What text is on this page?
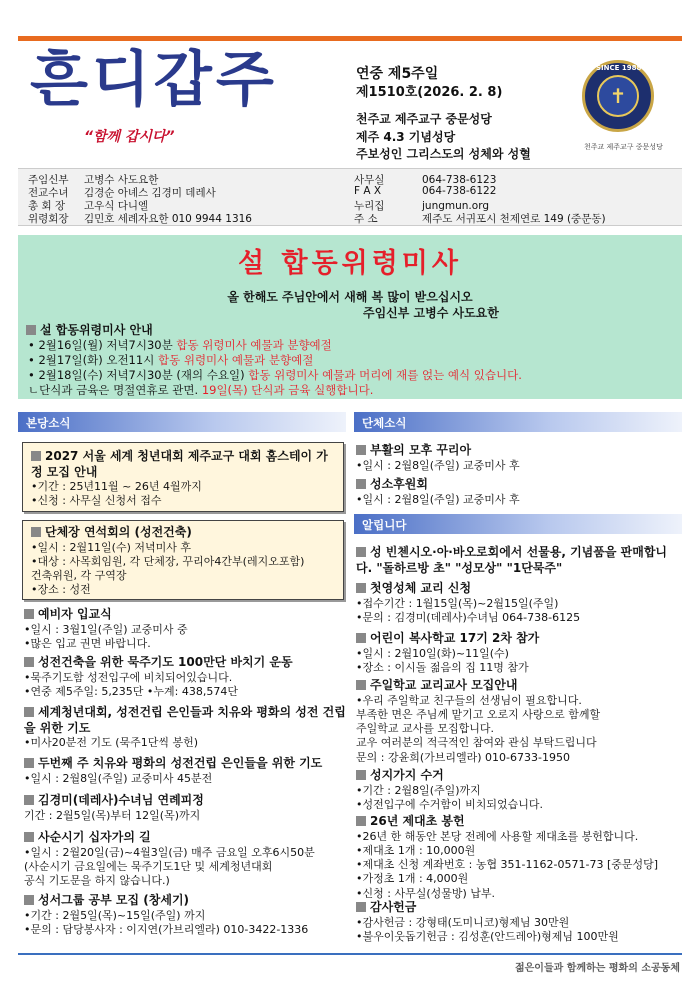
흔디갑주
“함께 갑시다”
연중 제5주일
제1510호(2026. 2. 8)
천주교 제주교구 중문성당
제주 4.3 기념성당
주보성인 그리스도의 성체와 성혈
✝
SINCE 1988
천주교 제주교구 중문성당
주임신부 고병수 사도요한
전교수녀 김경순 아녜스 김경미 데레사
총 회 장 고우식 다니엘
위령회장 김민호 세례자요한 010 9944 1316
사무실	064-738-6123
F A X	064-738-6122
누리집	jungmun.org
주 소	제주도 서귀포시 천제연로 149 (중문동)
설 합동위령미사
올 한해도 주님안에서 새해 복 많이 받으십시오
주임신부 고병수 사도요한
설 합동위령미사 안내
• 2월16일(월) 저녁7시30분 합동 위령미사 예물과 분향예절
• 2월17일(화) 오전11시 합동 위령미사 예물과 분향예절
• 2월18일(수) 저녁7시30분 (재의 수요일) 합동 위령미사 예물과 머리에 재를 얹는 예식 있습니다.
ㄴ단식과 금육은 명절연휴로 관면. 19일(목) 단식과 금육 실행합니다.
본당소식
2027 서울 세계 청년대회 제주교구 대회 홈스테이 가정 모집 안내
•기간 : 25년11월 ~ 26년 4월까지
•신청 : 사무실 신청서 접수
단체장 연석회의 (성전건축)
•일시 : 2월11일(수) 저녁미사 후
•대상 : 사목회임원, 각 단체장, 꾸리아4간부(레지오포함)
건축위원, 각 구역장
•장소 : 성전
예비자 입교식
•일시 : 3월1일(주일) 교중미사 중
•많은 입교 권면 바랍니다.
성전건축을 위한 묵주기도 100만단 바치기 운동
•묵주기도함 성전입구에 비치되어있습니다.
•연중 제5주일: 5,235단 •누계: 438,574단
세계청년대회, 성전건립 은인들과 치유와 평화의 성전 건립을 위한 기도
•미사20분전 기도 (묵주1단씩 봉헌)
두번째 주 치유와 평화의 성전건립 은인들을 위한 기도
•일시 : 2월8일(주일) 교중미사 45분전
김경미(데레사)수녀님 연례피정
기간 : 2월5일(목)부터 12일(목)까지
사순시기 십자가의 길
•일시 : 2월20일(금)~4월3일(금) 매주 금요일 오후6시50분
(사순시기 금요일에는 묵주기도1단 및 세계청년대회
공식 기도문을 하지 않습니다.)
성서그룹 공부 모집 (창세기)
•기간 : 2월5일(목)~15일(주일) 까지
•문의 : 담당봉사자 : 이지연(가브리엘라) 010-3422-1336
단체소식
부활의 모후 꾸리아
•일시 : 2월8일(주일) 교중미사 후
성소후원회
•일시 : 2월8일(주일) 교중미사 후
알립니다
성 빈첸시오·아·바오로회에서 선물용, 기념품을 판매합니다. "돌하르방 초" "성모상" "1단묵주"
첫영성체 교리 신청
•접수기간 : 1월15일(목)~2월15일(주일)
•문의 : 김경미(데레사)수녀님 064-738-6125
어린이 복사학교 17기 2차 참가
•일시 : 2월10일(화)~11일(수)
•장소 : 이시돌 젊음의 집 11명 참가
주일학교 교리교사 모집안내
•우리 주일학교 친구들의 선생님이 필요합니다.
부족한 면은 주님께 맡기고 오로지 사랑으로 함께할
주일학교 교사를 모집합니다.
교우 여러분의 적극적인 참여와 관심 부탁드립니다
문의 : 강윤희(가브리엘라) 010-6733-1950
성지가지 수거
•기간 : 2월8일(주일)까지
•성전입구에 수거함이 비치되었습니다.
26년 제대초 봉헌
•26년 한 해동안 본당 전례에 사용할 제대초를 봉헌합니다.
•제대초 1개 : 10,000원
•제대초 신청 계좌번호 : 농협 351-1162-0571-73 [중문성당]
•가정초 1개 : 4,000원
•신청 : 사무실(성물방) 납부.
감사헌금
•감사헌금 : 강형태(도미니코)형제님 30만원
•불우이웃돕기헌금 : 김성훈(안드레아)형제님 100만원
젊은이들과 함께하는 평화의 소공동체
